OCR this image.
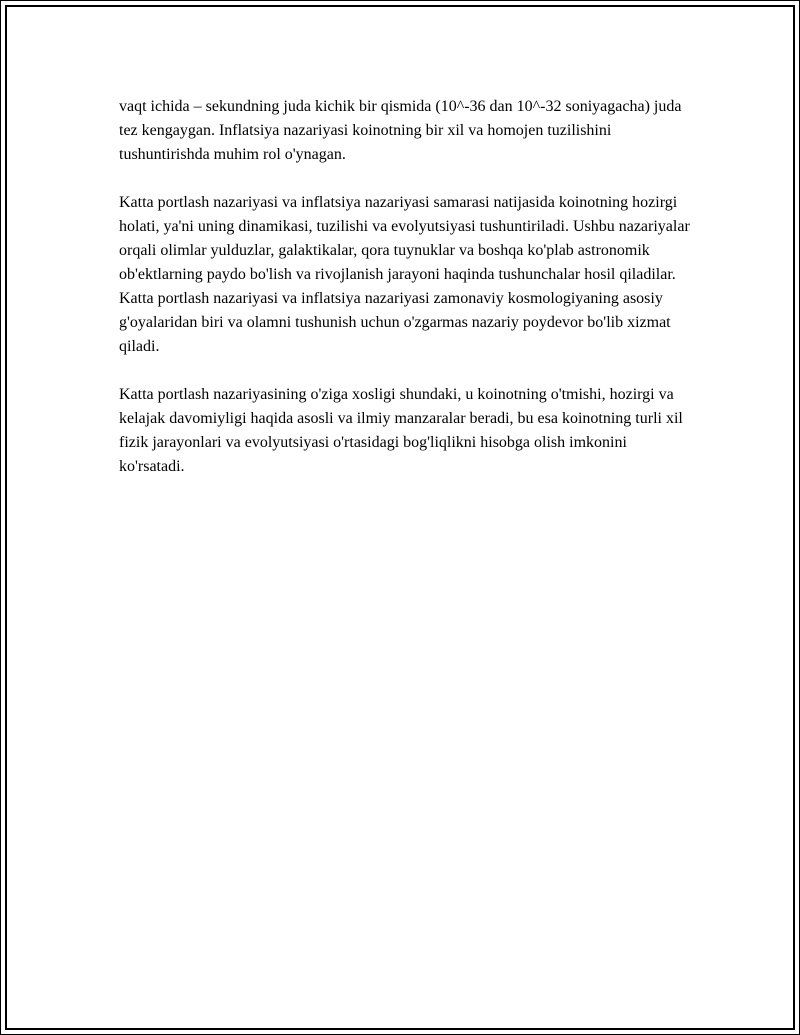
vaqt ichida – sekundning juda kichik bir qismida (10^-36 dan 10^-32 soniyagacha) juda tez kengaygan. Inflatsiya nazariyasi koinotning bir xil va homojen tuzilishini tushuntirishda muhim rol o'ynagan.

Katta portlash nazariyasi va inflatsiya nazariyasi samarasi natijasida koinotning hozirgi holati, ya'ni uning dinamikasi, tuzilishi va evolyutsiyasi tushuntiriladi. Ushbu nazariyalar orqali olimlar yulduzlar, galaktikalar, qora tuynuklar va boshqa ko'plab astronomik ob'ektlarning paydo bo'lish va rivojlanish jarayoni haqinda tushunchalar hosil qiladilar. Katta portlash nazariyasi va inflatsiya nazariyasi zamonaviy kosmologiyaning asosiy g'oyalaridan biri va olamni tushunish uchun o'zgarmas nazariy poydevor bo'lib xizmat qiladi.

Katta portlash nazariyasining o'ziga xosligi shundaki, u koinotning o'tmishi, hozirgi va kelajak davomiyligi haqida asosli va ilmiy manzaralar beradi, bu esa koinotning turli xil fizik jarayonlari va evolyutsiyasi o'rtasidagi bog'liqlikni hisobga olish imkonini ko'rsatadi.
